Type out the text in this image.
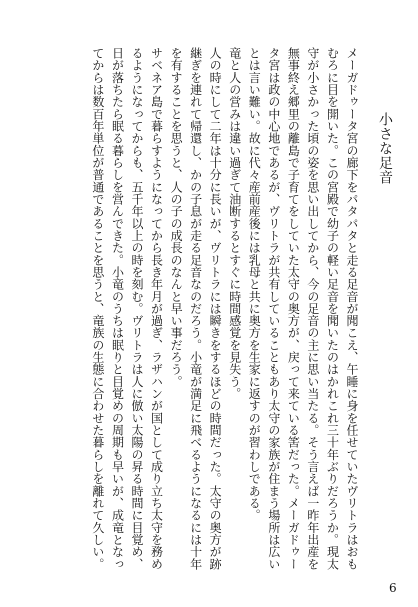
小さな足音
メーガドゥータ宮の廊下をパタパタと走る足音が聞こえ、午睡に身を任せていたヴリトラはおも
むろに目を開いた。この宮殿で幼子の軽い足音を聞いたのはかれこれ三十年ぶりだろうか。現太
守が小さかった頃の姿を思い出してから、今の足音の主に思い当たる。そう言えば一昨年出産を
無事終え郷里の離島で子育てをしていた太守の奥方が、戻って来ている筈だった。メーガドゥー
タ宮は政の中心地であるが、ヴリトラが共有していることもあり太守の家族が住まう場所は広い
とは言い難い。故に代々産前産後には乳母と共に奥方を生家に返すのが習わしである。
竜と人の営みは違い過ぎて油断するとすぐに時間感覚を見失う。
人の時にして二年は十分に長いが、ヴリトラには瞬きをするほどの時間だった。太守の奥方が跡
継ぎを連れて帰還し、かの子息が走る足音なのだろう。小竜が満足に飛べるようになるには十年
を有することを思うと、人の子の成長のなんと早い事だろう。
サベネア島で暮らすようになってから長き年月が過ぎ、ラザハンが国として成り立ち太守を務め
るようになってからも、五千年以上の時を刻む。ヴリトラは人に倣い太陽の昇る時間に目覚め、
日が落ちたら眠る暮らしを営んできた。小竜のうちは眠りと目覚めの周期も早いが、成竜となっ
てからは数百年単位が普通であることを思うと、竜族の生態に合わせた暮らしを離れて久しい。
6
